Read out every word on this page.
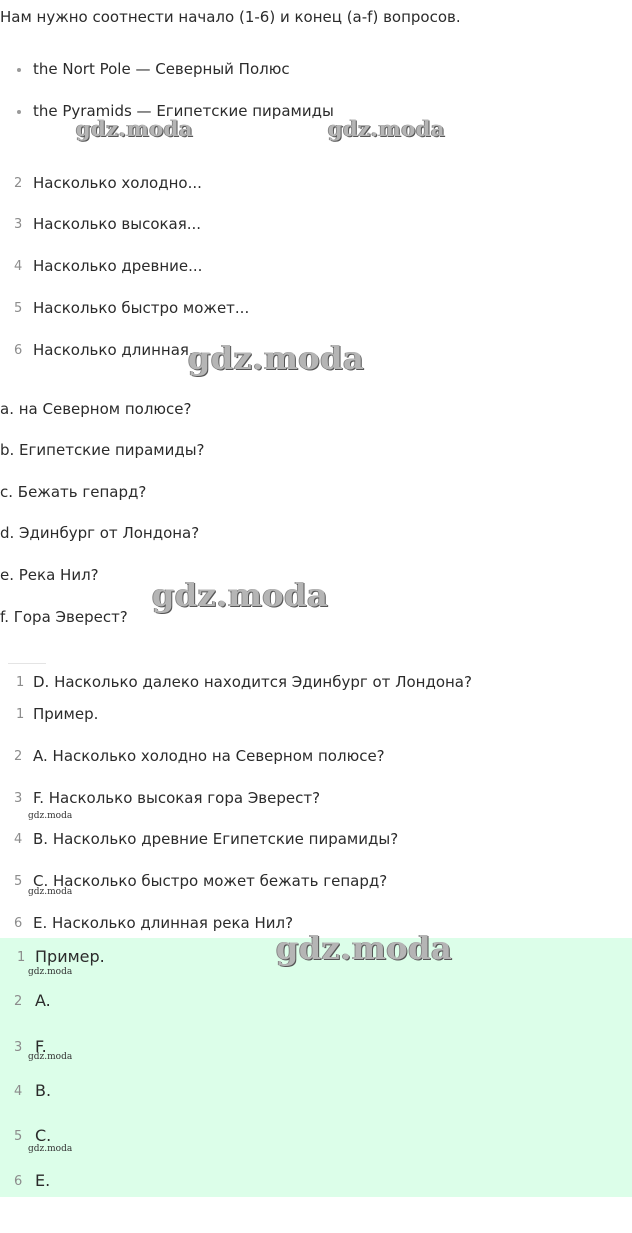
Нам нужно соотнести начало (1-6) и конец (a-f) вопросов.
the Nort Pole — Северный Полюс
the Pyramids — Египетские пирамиды
2 Насколько холодно...
3 Насколько высокая...
4 Насколько древние...
5 Насколько быстро может...
6 Насколько длинная...
a. на Северном полюсе?
b. Египетские пирамиды?
c. Бежать гепард?
d. Эдинбург от Лондона?
e. Река Нил?
f. Гора Эверест?
1 D. Насколько далеко находится Эдинбург от Лондона?
1 Пример.
2 A. Насколько холодно на Северном полюсе?
3 F. Насколько высокая гора Эверест?
4 B. Насколько древние Египетские пирамиды?
5 C. Насколько быстро может бежать гепард?
6 E. Насколько длинная река Нил?
1 Пример.
2 A.
3 F.
4 B.
5 C.
6 E.
gdz.moda	gdz.moda
gdz.moda
gdz.moda
gdz.moda
gdz.moda
gdz.moda
gdz.moda
gdz.moda
gdz.moda
